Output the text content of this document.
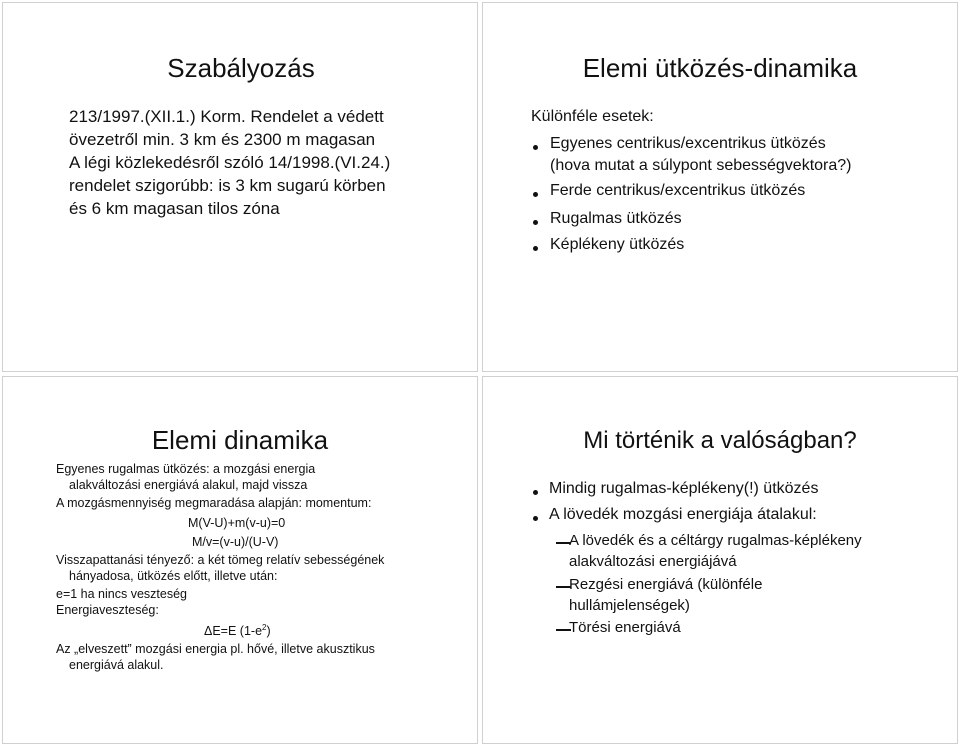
Szabályozás
213/1997.(XII.1.) Korm. Rendelet a védett
övezetről min. 3 km és 2300 m magasan
A légi közlekedésről szóló 14/1998.(VI.24.)
rendelet szigorúbb: is 3 km sugarú körben
és 6 km magasan tilos zóna
Elemi ütközés-dinamika
Különféle esetek:
Egyenes centrikus/excentrikus ütközés
(hova mutat a súlypont sebességvektora?)
Ferde centrikus/excentrikus ütközés
Rugalmas ütközés
Képlékeny ütközés
Elemi dinamika
Egyenes rugalmas ütközés: a mozgási energia
alakváltozási energiává alakul, majd vissza
A mozgásmennyiség megmaradása alapján: momentum:
M(V-U)+m(v-u)=0
M/v=(v-u)/(U-V)
Visszapattanási tényező: a két tömeg relatív sebességének
hányadosa, ütközés előtt, illetve után:
e=1 ha nincs veszteség
Energiaveszteség:
ΔE=E $(1-e^2)$
Az „elveszett” mozgási energia pl. hővé, illetve akusztikus
energiává alakul.
Mi történik a valóságban?
Mindig rugalmas-képlékeny(!) ütközés
A lövedék mozgási energiája átalakul:
A lövedék és a céltárgy rugalmas-képlékeny
alakváltozási energiájává
Rezgési energiává (különféle
hullámjelenségek)
Törési energiává
